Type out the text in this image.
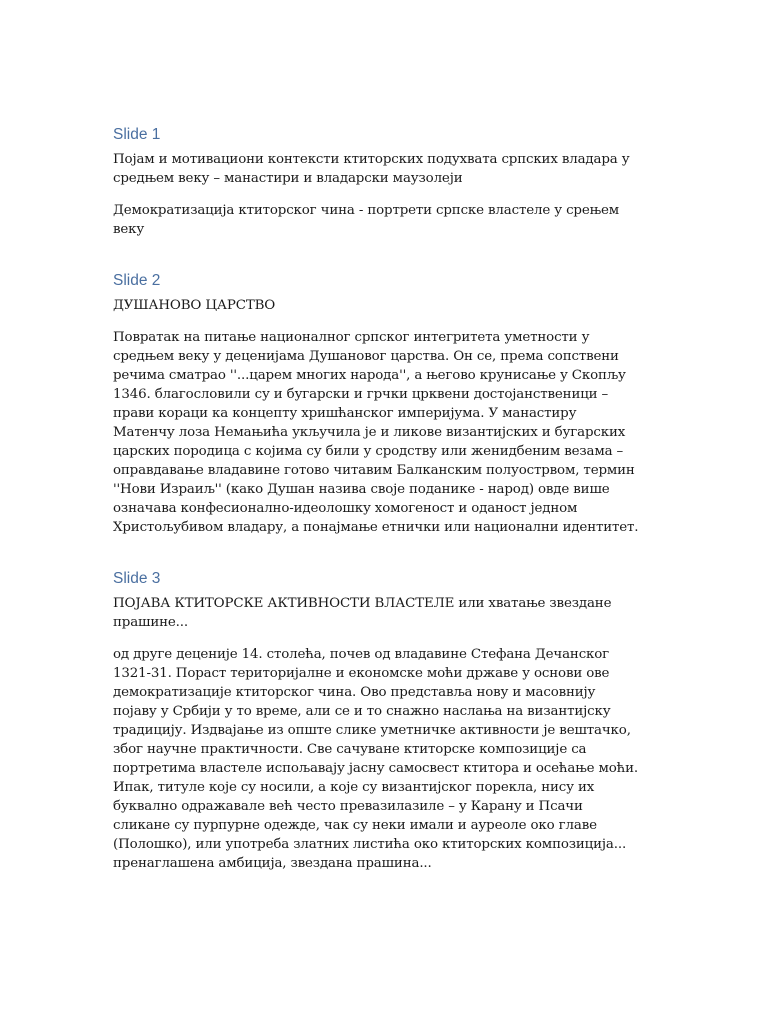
Slide 1

Појам и мотивациони контексти ктиторских подухвата српских владара у
средњем веку – манастири и владарски маузолеји

Демократизација ктиторског чина - портрети српске властеле у срењем
веку

Slide 2

ДУШАНОВО ЦАРСТВО

Повратак на питање националног српског интегритета уметности у
средњем веку у деценијама Душановог царства. Он се, према сопствени
речима сматрао ''...царем многих народа'', а његово крунисање у Скопљу
1346. благословили су и бугарски и грчки црквени достојанственици –
прави кораци ка концепту хришћанског империјума. У манастиру
Матенчу лоза Немањића укључила је и ликове византијских и бугарских
царских породица с којима су били у сродству или женидбеним везама –
оправдавање владавине готово читавим Балканским полуострвом, термин
''Нови Израиљ'' (како Душан назива своје поданике - народ) овде више
означава конфесионално-идеолошку хомогеност и оданост једном
Христољубивом владару, а понајмање етнички или национални идентитет.

Slide 3

ПОЈАВА КТИТОРСКЕ АКТИВНОСТИ ВЛАСТЕЛЕ или хватање звездане
прашине...

од друге деценије 14. столећа, почев од владавине Стефана Дечанског
1321-31. Пораст територијалне и економске моћи државе у основи ове
демократизације ктиторског чина. Ово представља нову и масовнију
појаву у Србији у то време, али се и то снажно наслања на византијску
традицију. Издвајање из опште слике уметничке активности је вештачко,
због научне практичности. Све сачуване ктиторске композиције са
портретима властеле испољавају јасну самосвест ктитора и осећање моћи.
Ипак, титуле које су носили, а које су византијског порекла, нису их
буквално одражавале већ често превазилазиле – у Карану и Псачи
сликане су пурпурне одежде, чак су неки имали и ауреоле око главе
(Полошко), или употреба златних листића око ктиторских композиција...
пренаглашена амбиција, звездана прашина...
